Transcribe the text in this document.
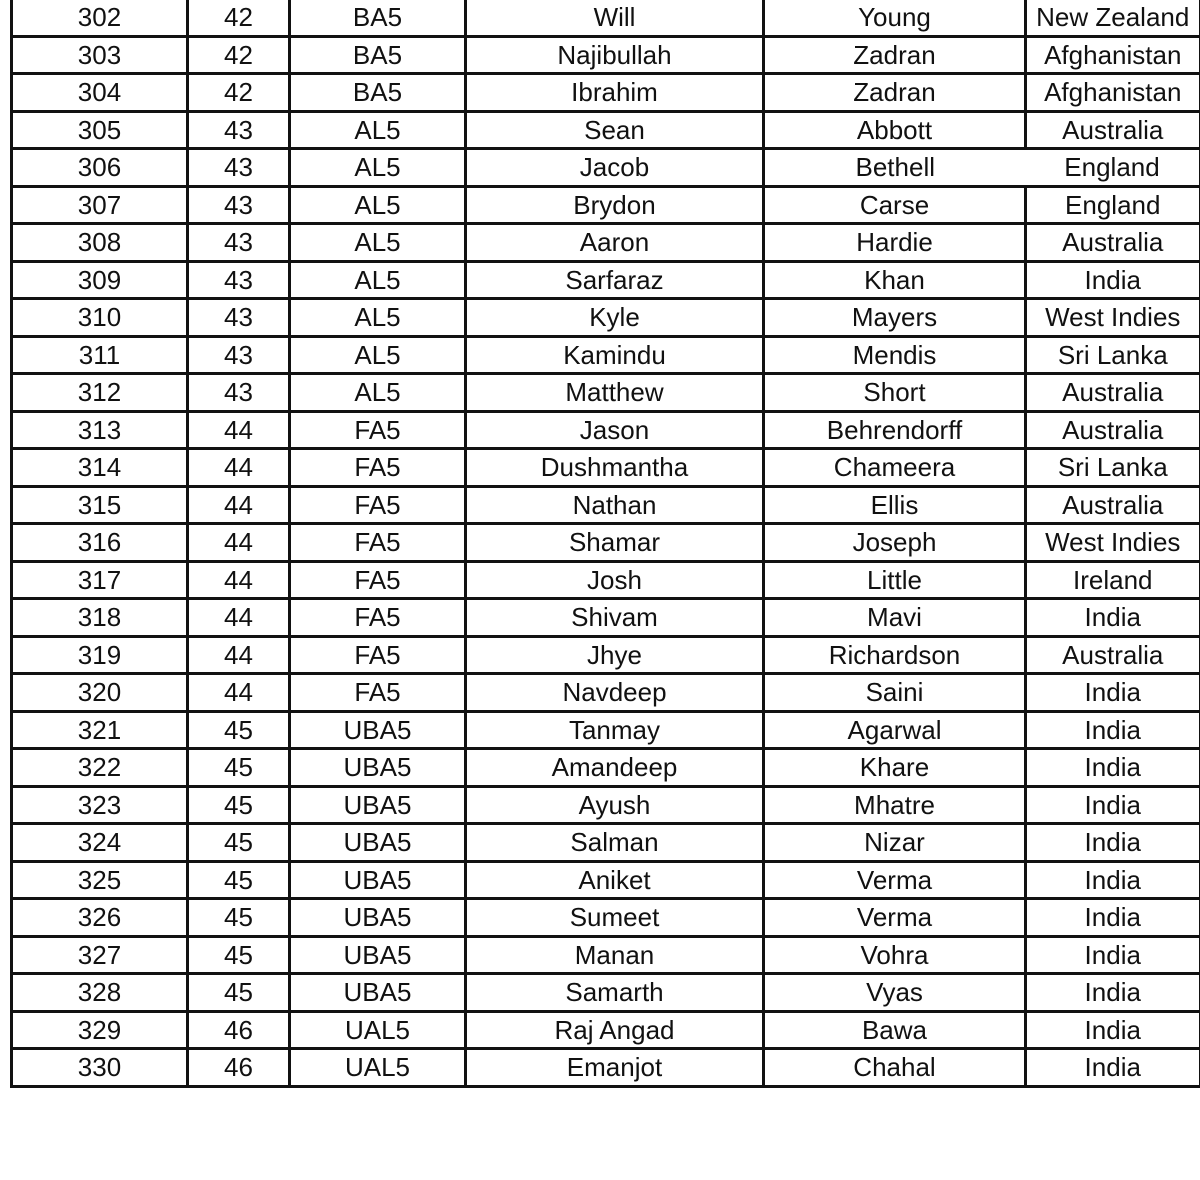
302	42	BA5	Will	Young	New Zealand
303	42	BA5	Najibullah	Zadran	Afghanistan
304	42	BA5	Ibrahim	Zadran	Afghanistan
305	43	AL5	Sean	Abbott	Australia
306	43	AL5	Jacob	Bethell	England
307	43	AL5	Brydon	Carse	England
308	43	AL5	Aaron	Hardie	Australia
309	43	AL5	Sarfaraz	Khan	India
310	43	AL5	Kyle	Mayers	West Indies
311	43	AL5	Kamindu	Mendis	Sri Lanka
312	43	AL5	Matthew	Short	Australia
313	44	FA5	Jason	Behrendorff	Australia
314	44	FA5	Dushmantha	Chameera	Sri Lanka
315	44	FA5	Nathan	Ellis	Australia
316	44	FA5	Shamar	Joseph	West Indies
317	44	FA5	Josh	Little	Ireland
318	44	FA5	Shivam	Mavi	India
319	44	FA5	Jhye	Richardson	Australia
320	44	FA5	Navdeep	Saini	India
321	45	UBA5	Tanmay	Agarwal	India
322	45	UBA5	Amandeep	Khare	India
323	45	UBA5	Ayush	Mhatre	India
324	45	UBA5	Salman	Nizar	India
325	45	UBA5	Aniket	Verma	India
326	45	UBA5	Sumeet	Verma	India
327	45	UBA5	Manan	Vohra	India
328	45	UBA5	Samarth	Vyas	India
329	46	UAL5	Raj Angad	Bawa	India
330	46	UAL5	Emanjot	Chahal	India
